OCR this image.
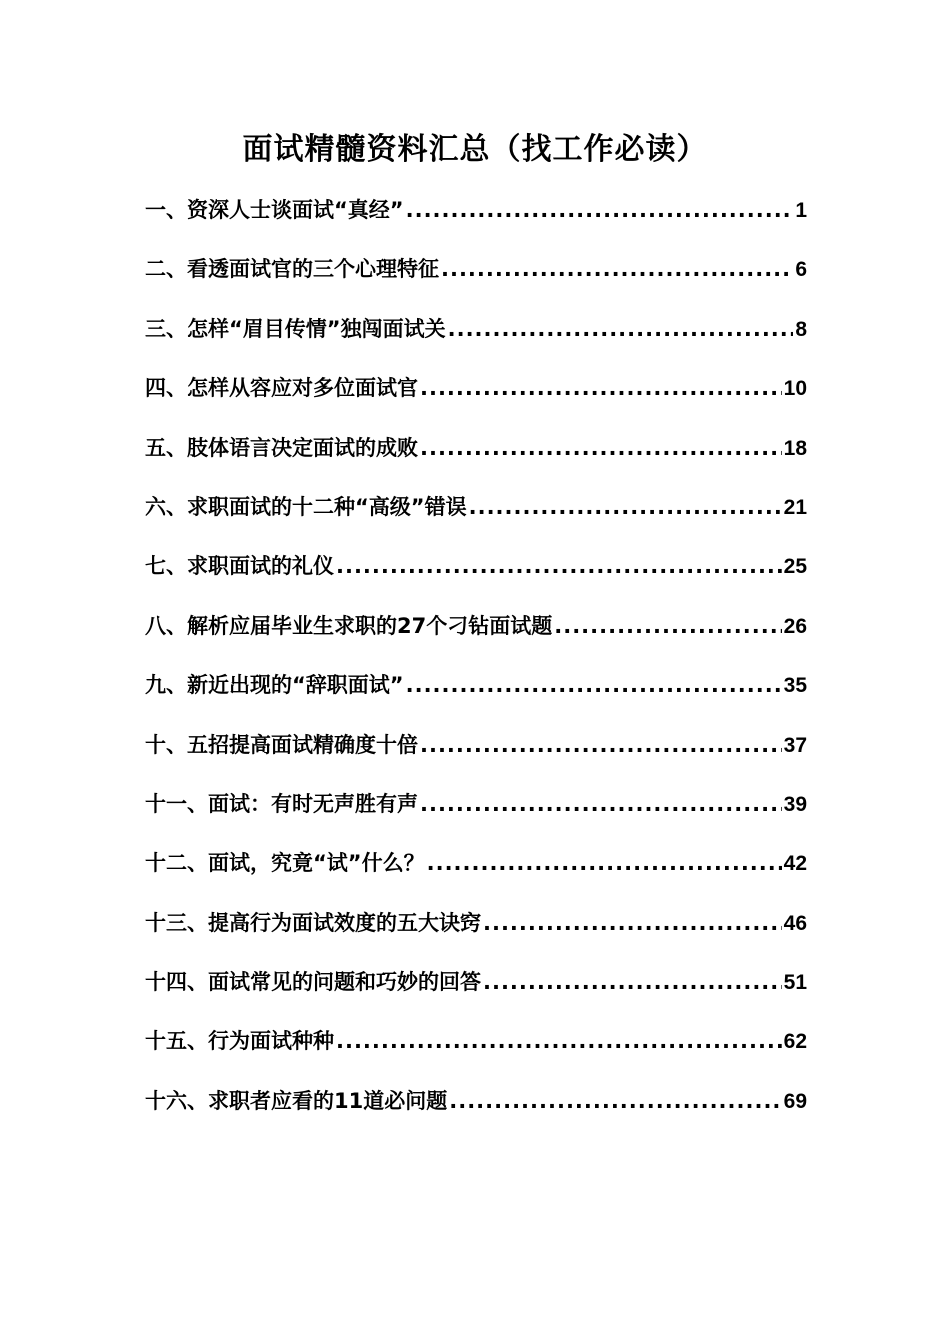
面试精髓资料汇总（找工作必读）
一、资深人士谈面试“真经” .....	1
二、看透面试官的三个心理特征 .....	6
三、怎样“眉目传情”独闯面试关 .....	8
四、怎样从容应对多位面试官 .....	10
五、肢体语言决定面试的成败 .....	18
六、求职面试的十二种“高级”错误 .....	21
七、求职面试的礼仪 .....	25
八、解析应届毕业生求职的27个刁钻面试题 .....	26
九、新近出现的“辞职面试” .....	35
十、五招提高面试精确度十倍 .....	37
十一、面试：有时无声胜有声 .....	39
十二、面试，究竟“试”什么？ .....	42
十三、提高行为面试效度的五大诀窍 .....	46
十四、面试常见的问题和巧妙的回答 .....	51
十五、行为面试种种 .....	62
十六、求职者应看的11道必问题 .....	69
